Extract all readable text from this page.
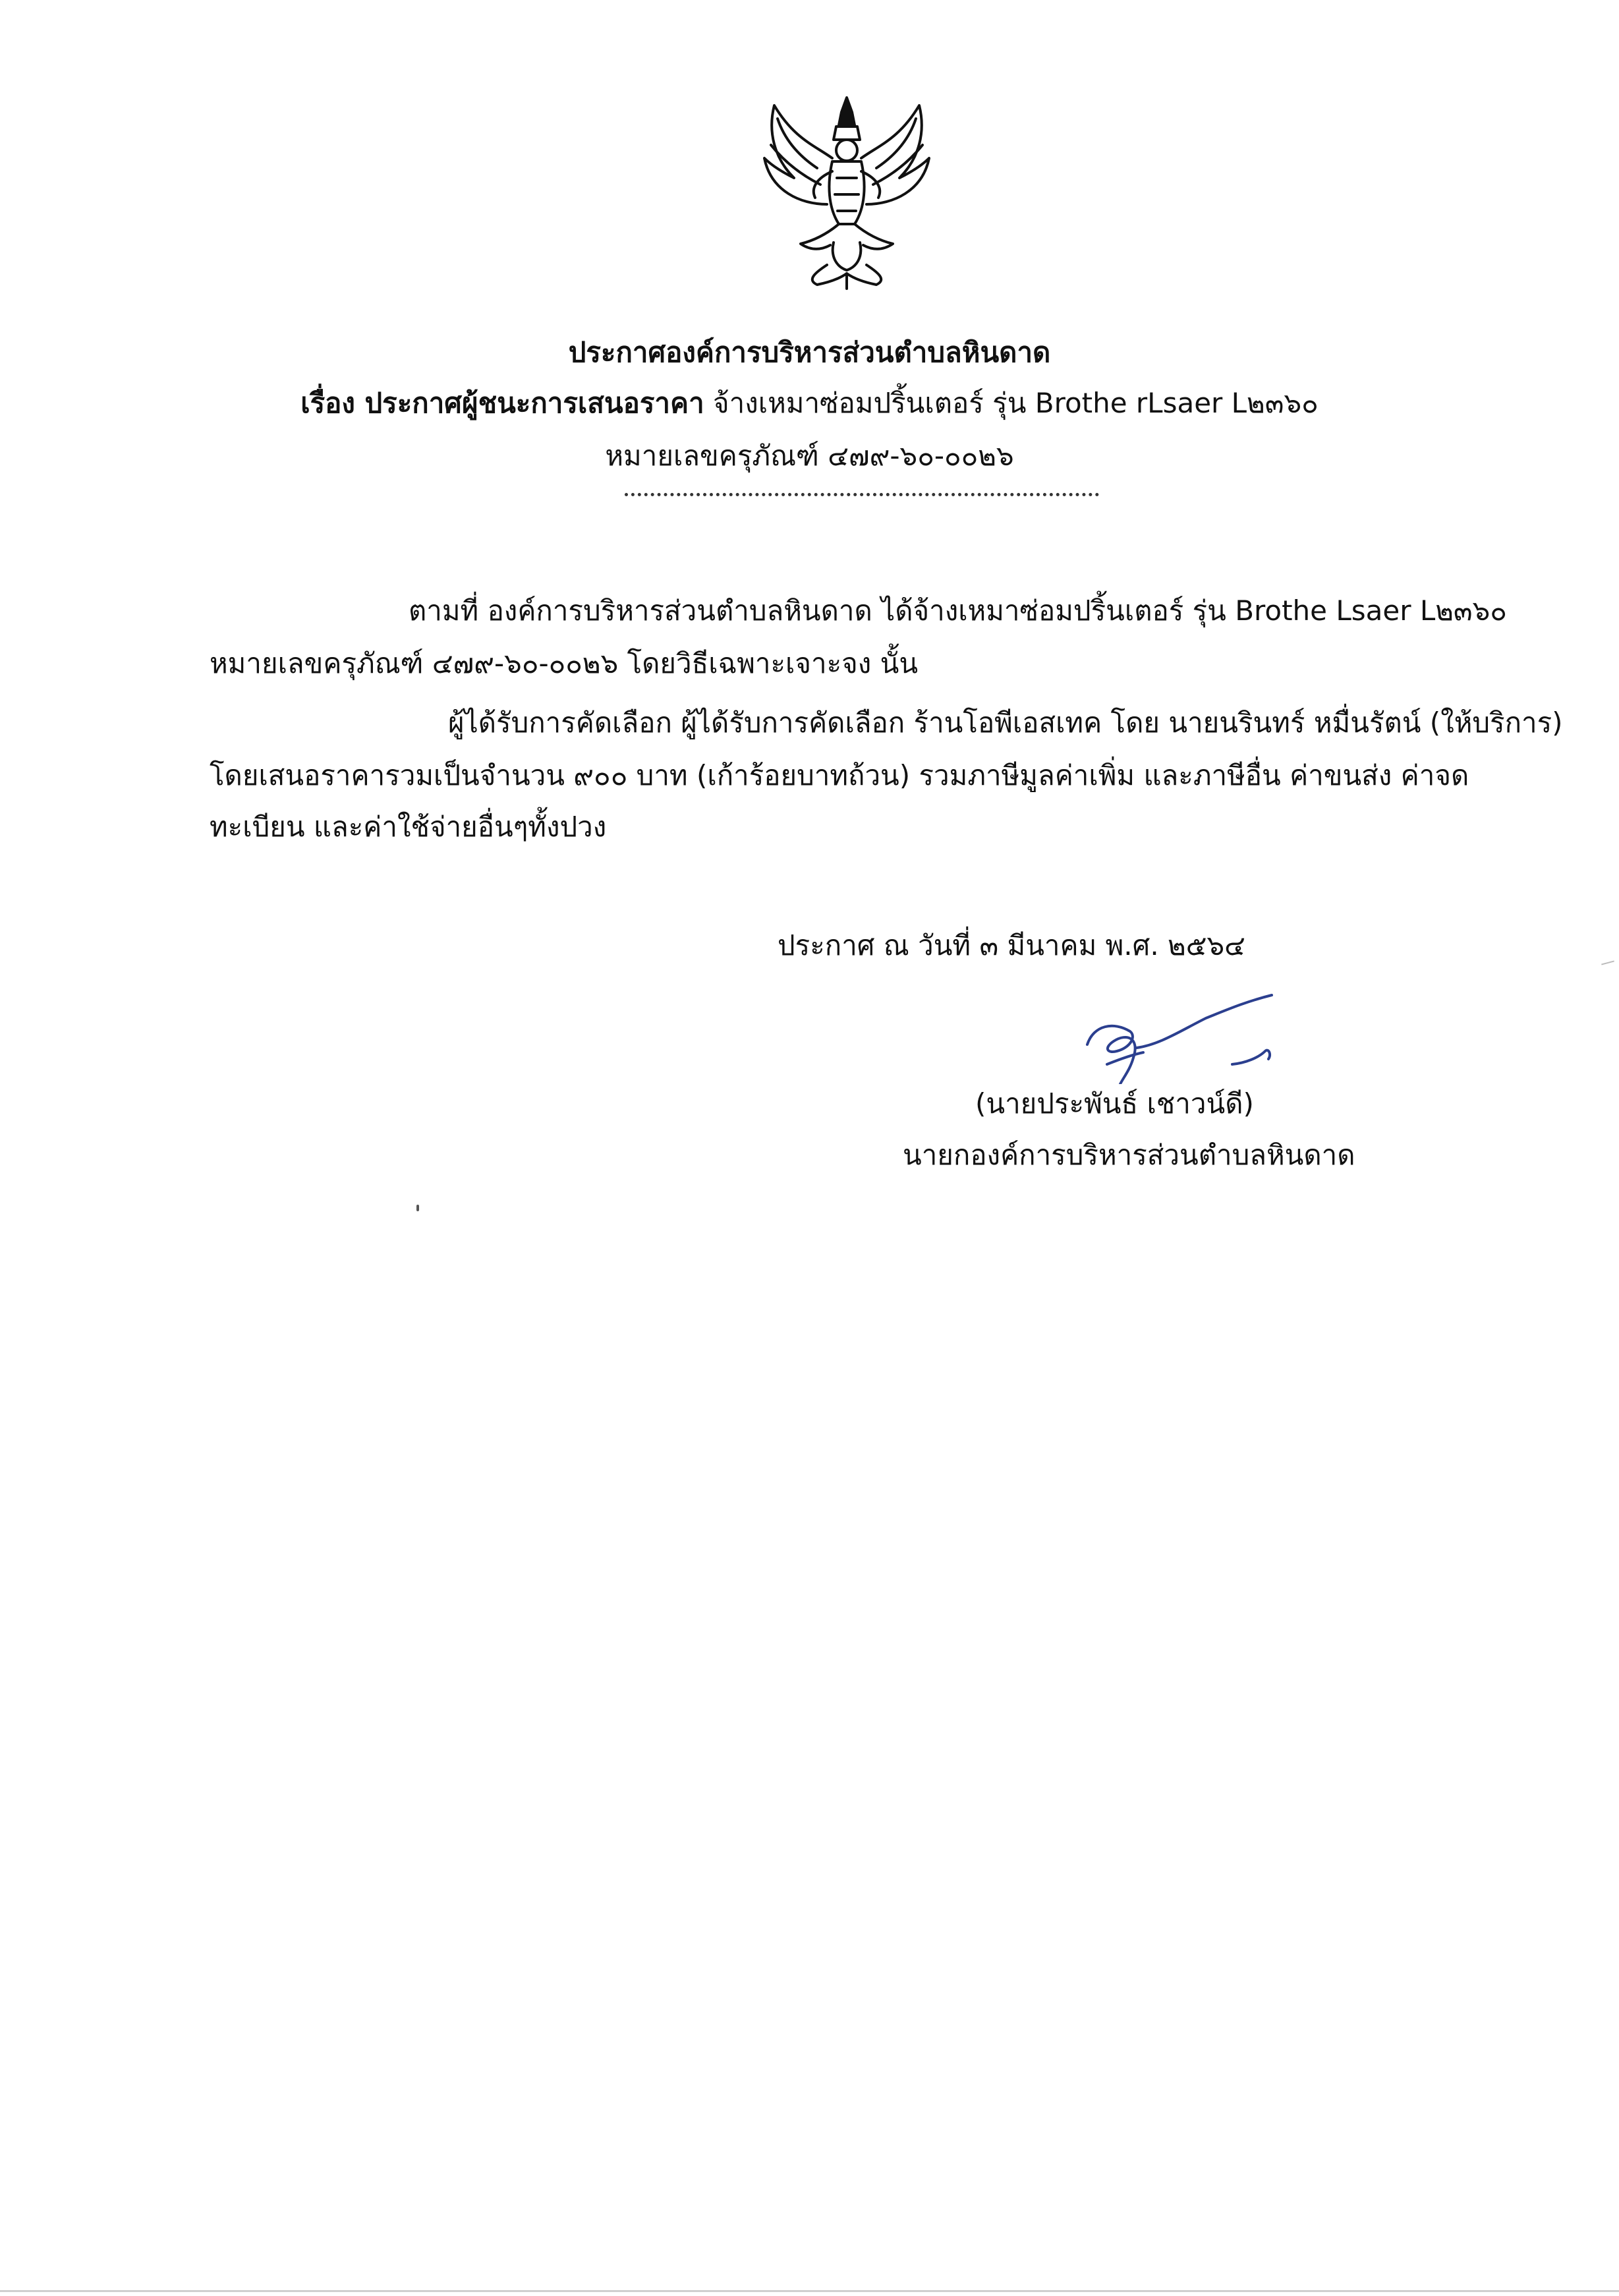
ประกาศองค์การบริหารส่วนตำบลหินดาด
เรื่อง ประกาศผู้ชนะการเสนอราคา จ้างเหมาซ่อมปริ้นเตอร์ รุ่น Brothe rLsaer L๒๓๖๐
หมายเลขครุภัณฑ์ ๔๗๙-๖๐-๐๐๒๖
ตามที่ องค์การบริหารส่วนตำบลหินดาด ได้จ้างเหมาซ่อมปริ้นเตอร์ รุ่น Brothe Lsaer L๒๓๖๐
หมายเลขครุภัณฑ์ ๔๗๙-๖๐-๐๐๒๖ โดยวิธีเฉพาะเจาะจง นั้น
ผู้ได้รับการคัดเลือก ผู้ได้รับการคัดเลือก ร้านโอพีเอสเทค โดย นายนรินทร์ หมื่นรัตน์ (ให้บริการ)
โดยเสนอราคารวมเป็นจำนวน ๙๐๐ บาท (เก้าร้อยบาทถ้วน) รวมภาษีมูลค่าเพิ่ม และภาษีอื่น ค่าขนส่ง ค่าจด
ทะเบียน และค่าใช้จ่ายอื่นๆทั้งปวง
ประกาศ ณ วันที่ ๓ มีนาคม พ.ศ. ๒๕๖๔
(นายประพันธ์ เชาวน์ดี)
นายกองค์การบริหารส่วนตำบลหินดาด
